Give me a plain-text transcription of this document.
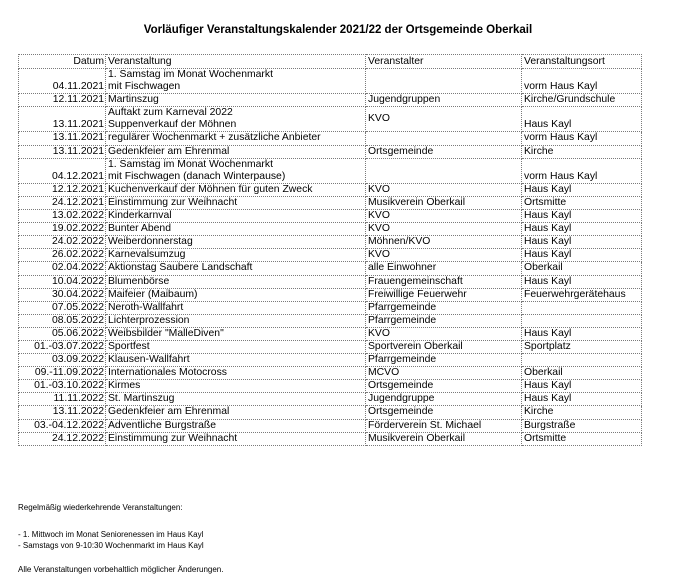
Vorläufiger Veranstaltungskalender 2021/22 der Ortsgemeinde Oberkail
Datum	Veranstaltung	Veranstalter	Veranstaltungsort
04.11.2021	1. Samstag im Monat Wochenmarkt
mit Fischwagen		vorm Haus Kayl
12.11.2021	Martinszug	Jugendgruppen	Kirche/Grundschule
13.11.2021	Auftakt zum Karneval 2022
Suppenverkauf der Möhnen	KVO	Haus Kayl
13.11.2021	regulärer Wochenmarkt + zusätzliche Anbieter		vorm Haus Kayl
13.11.2021	Gedenkfeier am Ehrenmal	Ortsgemeinde	Kirche
04.12.2021	1. Samstag im Monat Wochenmarkt
mit Fischwagen (danach Winterpause)		vorm Haus Kayl
12.12.2021	Kuchenverkauf der Möhnen für guten Zweck	KVO	Haus Kayl
24.12.2021	Einstimmung zur Weihnacht	Musikverein Oberkail	Ortsmitte
13.02.2022	Kinderkarnval	KVO	Haus Kayl
19.02.2022	Bunter Abend	KVO	Haus Kayl
24.02.2022	Weiberdonnerstag	Möhnen/KVO	Haus Kayl
26.02.2022	Karnevalsumzug	KVO	Haus Kayl
02.04.2022	Aktionstag Saubere Landschaft	alle Einwohner	Oberkail
10.04.2022	Blumenbörse	Frauengemeinschaft	Haus Kayl
30.04.2022	Maifeier (Maibaum)	Freiwillige Feuerwehr	Feuerwehrgerätehaus
07.05.2022	Neroth-Wallfahrt	Pfarrgemeinde	
08.05.2022	Lichterprozession	Pfarrgemeinde	
05.06.2022	Weibsbilder "MalleDiven"	KVO	Haus Kayl
01.-03.07.2022	Sportfest	Sportverein Oberkail	Sportplatz
03.09.2022	Klausen-Wallfahrt	Pfarrgemeinde	
09.-11.09.2022	Internationales Motocross	MCVO	Oberkail
01.-03.10.2022	Kirmes	Ortsgemeinde	Haus Kayl
11.11.2022	St. Martinszug	Jugendgruppe	Haus Kayl
13.11.2022	Gedenkfeier am Ehrenmal	Ortsgemeinde	Kirche
03.-04.12.2022	Adventliche Burgstraße	Förderverein St. Michael	Burgstraße
24.12.2022	Einstimmung zur Weihnacht	Musikverein Oberkail	Ortsmitte
Regelmäßig wiederkehrende Veranstaltungen:
- 1. Mittwoch im Monat Seniorenessen im Haus Kayl
- Samstags von 9-10:30 Wochenmarkt im Haus Kayl
Alle Veranstaltungen vorbehaltlich möglicher Änderungen.
